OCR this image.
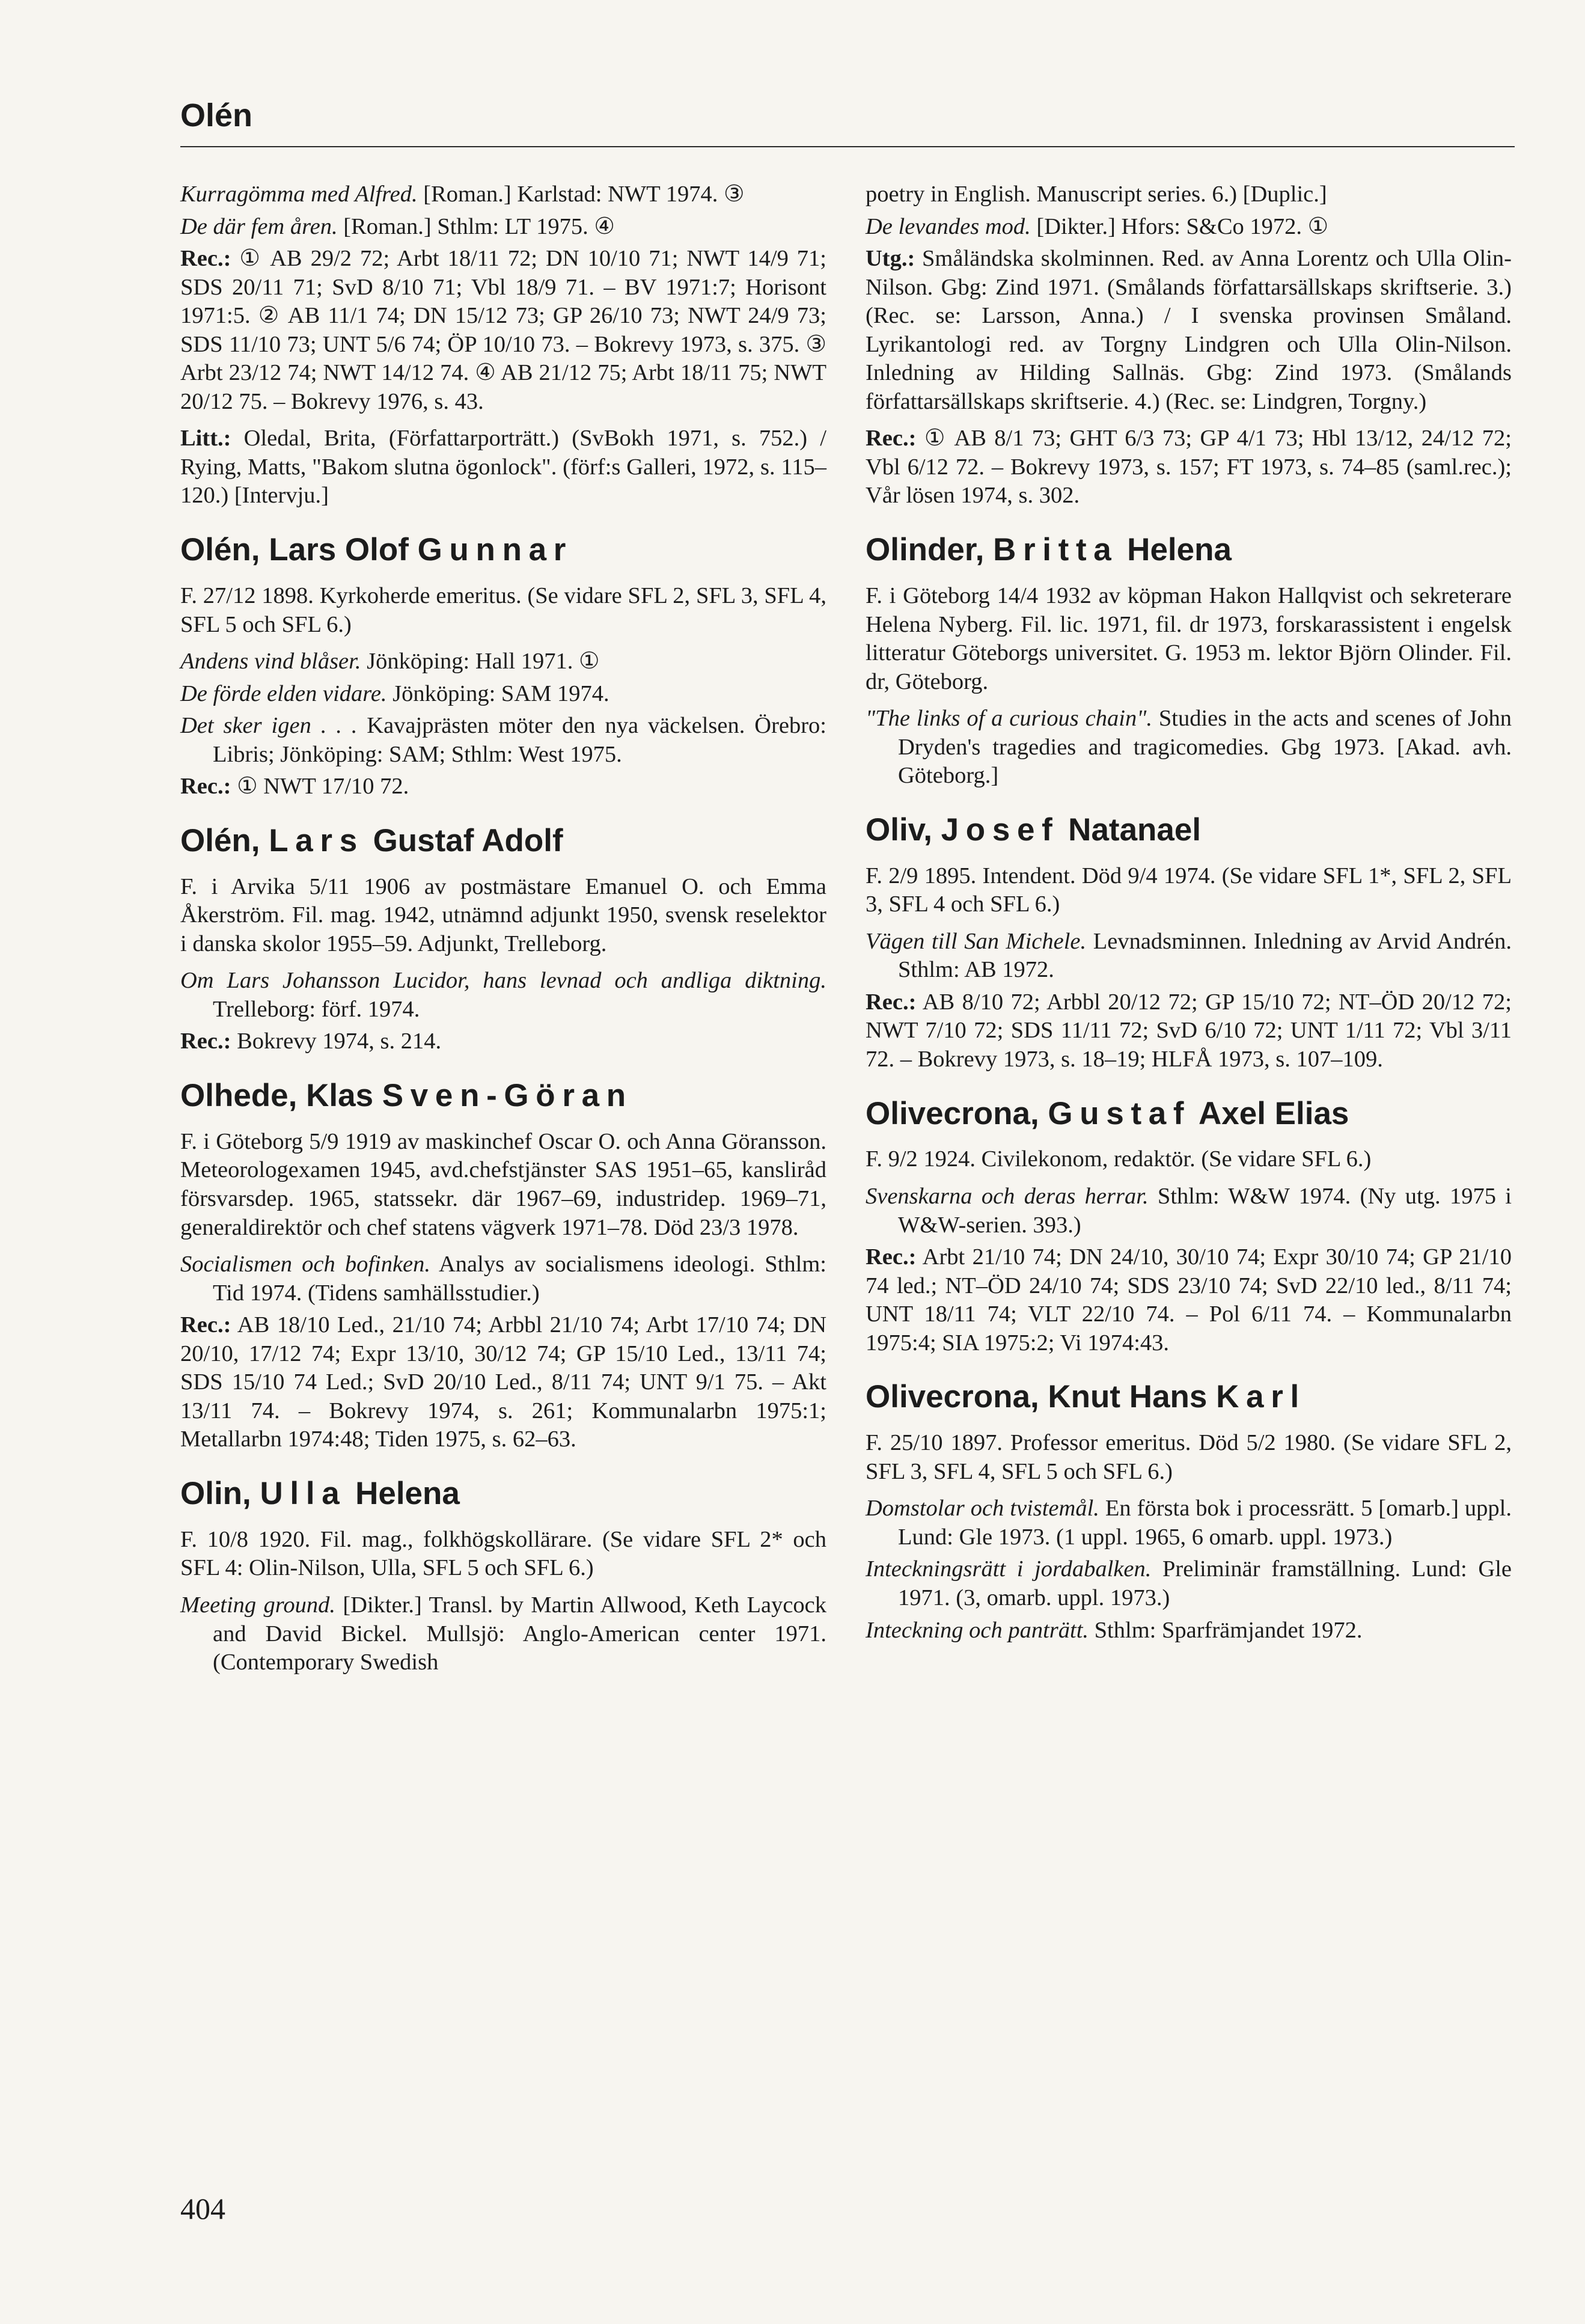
Olén

Kurragömma med Alfred. [Roman.] Karlstad: NWT 1974. ③

De där fem åren. [Roman.] Sthlm: LT 1975. ④

Rec.: ① AB 29/2 72; Arbt 18/11 72; DN 10/10 71; NWT 14/9 71; SDS 20/11 71; SvD 8/10 71; Vbl 18/9 71. – BV 1971:7; Horisont 1971:5. ② AB 11/1 74; DN 15/12 73; GP 26/10 73; NWT 24/9 73; SDS 11/10 73; UNT 5/6 74; ÖP 10/10 73. – Bokrevy 1973, s. 375. ③ Arbt 23/12 74; NWT 14/12 74. ④ AB 21/12 75; Arbt 18/11 75; NWT 20/12 75. – Bokrevy 1976, s. 43.

Litt.: Oledal, Brita, (Författarporträtt.) (SvBokh 1971, s. 752.) / Rying, Matts, "Bakom slutna ögonlock". (förf:s Galleri, 1972, s. 115–120.) [Intervju.]

Olén, Lars Olof Gunnar

F. 27/12 1898. Kyrkoherde emeritus. (Se vidare SFL 2, SFL 3, SFL 4, SFL 5 och SFL 6.)

Andens vind blåser. Jönköping: Hall 1971. ①

De förde elden vidare. Jönköping: SAM 1974.

Det sker igen . . . Kavajprästen möter den nya väckelsen. Örebro: Libris; Jönköping: SAM; Sthlm: West 1975.

Rec.: ① NWT 17/10 72.

Olén, Lars Gustaf Adolf

F. i Arvika 5/11 1906 av postmästare Emanuel O. och Emma Åkerström. Fil. mag. 1942, utnämnd adjunkt 1950, svensk reselektor i danska skolor 1955–59. Adjunkt, Trelleborg.

Om Lars Johansson Lucidor, hans levnad och andliga diktning. Trelleborg: förf. 1974.

Rec.: Bokrevy 1974, s. 214.

Olhede, Klas Sven-Göran

F. i Göteborg 5/9 1919 av maskinchef Oscar O. och Anna Göransson. Meteorologexamen 1945, avd.chefstjänster SAS 1951–65, kansliråd försvarsdep. 1965, statssekr. där 1967–69, industridep. 1969–71, generaldirektör och chef statens vägverk 1971–78. Död 23/3 1978.

Socialismen och bofinken. Analys av socialismens ideologi. Sthlm: Tid 1974. (Tidens samhällsstudier.)

Rec.: AB 18/10 Led., 21/10 74; Arbbl 21/10 74; Arbt 17/10 74; DN 20/10, 17/12 74; Expr 13/10, 30/12 74; GP 15/10 Led., 13/11 74; SDS 15/10 74 Led.; SvD 20/10 Led., 8/11 74; UNT 9/1 75. – Akt 13/11 74. – Bokrevy 1974, s. 261; Kommunalarbn 1975:1; Metallarbn 1974:48; Tiden 1975, s. 62–63.

Olin, Ulla Helena

F. 10/8 1920. Fil. mag., folkhögskollärare. (Se vidare SFL 2* och SFL 4: Olin-Nilson, Ulla, SFL 5 och SFL 6.)

Meeting ground. [Dikter.] Transl. by Martin Allwood, Keth Laycock and David Bickel. Mullsjö: Anglo-American center 1971. (Contemporary Swedish

poetry in English. Manuscript series. 6.) [Duplic.]

De levandes mod. [Dikter.] Hfors: S&Co 1972. ①

Utg.: Småländska skolminnen. Red. av Anna Lorentz och Ulla Olin-Nilson. Gbg: Zind 1971. (Smålands författarsällskaps skriftserie. 3.) (Rec. se: Larsson, Anna.) / I svenska provinsen Småland. Lyrikantologi red. av Torgny Lindgren och Ulla Olin-Nilson. Inledning av Hilding Sallnäs. Gbg: Zind 1973. (Smålands författarsällskaps skriftserie. 4.) (Rec. se: Lindgren, Torgny.)

Rec.: ① AB 8/1 73; GHT 6/3 73; GP 4/1 73; Hbl 13/12, 24/12 72; Vbl 6/12 72. – Bokrevy 1973, s. 157; FT 1973, s. 74–85 (saml.rec.); Vår lösen 1974, s. 302.

Olinder, Britta Helena

F. i Göteborg 14/4 1932 av köpman Hakon Hallqvist och sekreterare Helena Nyberg. Fil. lic. 1971, fil. dr 1973, forskarassistent i engelsk litteratur Göteborgs universitet. G. 1953 m. lektor Björn Olinder. Fil. dr, Göteborg.

"The links of a curious chain". Studies in the acts and scenes of John Dryden's tragedies and tragicomedies. Gbg 1973. [Akad. avh. Göteborg.]

Oliv, Josef Natanael

F. 2/9 1895. Intendent. Död 9/4 1974. (Se vidare SFL 1*, SFL 2, SFL 3, SFL 4 och SFL 6.)

Vägen till San Michele. Levnadsminnen. Inledning av Arvid Andrén. Sthlm: AB 1972.

Rec.: AB 8/10 72; Arbbl 20/12 72; GP 15/10 72; NT–ÖD 20/12 72; NWT 7/10 72; SDS 11/11 72; SvD 6/10 72; UNT 1/11 72; Vbl 3/11 72. – Bokrevy 1973, s. 18–19; HLFÅ 1973, s. 107–109.

Olivecrona, Gustaf Axel Elias

F. 9/2 1924. Civilekonom, redaktör. (Se vidare SFL 6.)

Svenskarna och deras herrar. Sthlm: W&W 1974. (Ny utg. 1975 i W&W-serien. 393.)

Rec.: Arbt 21/10 74; DN 24/10, 30/10 74; Expr 30/10 74; GP 21/10 74 led.; NT–ÖD 24/10 74; SDS 23/10 74; SvD 22/10 led., 8/11 74; UNT 18/11 74; VLT 22/10 74. – Pol 6/11 74. – Kommunalarbn 1975:4; SIA 1975:2; Vi 1974:43.

Olivecrona, Knut Hans Karl

F. 25/10 1897. Professor emeritus. Död 5/2 1980. (Se vidare SFL 2, SFL 3, SFL 4, SFL 5 och SFL 6.)

Domstolar och tvistemål. En första bok i processrätt. 5 [omarb.] uppl. Lund: Gle 1973. (1 uppl. 1965, 6 omarb. uppl. 1973.)

Inteckningsrätt i jordabalken. Preliminär framställning. Lund: Gle 1971. (3, omarb. uppl. 1973.)

Inteckning och panträtt. Sthlm: Sparfrämjandet 1972.

404
